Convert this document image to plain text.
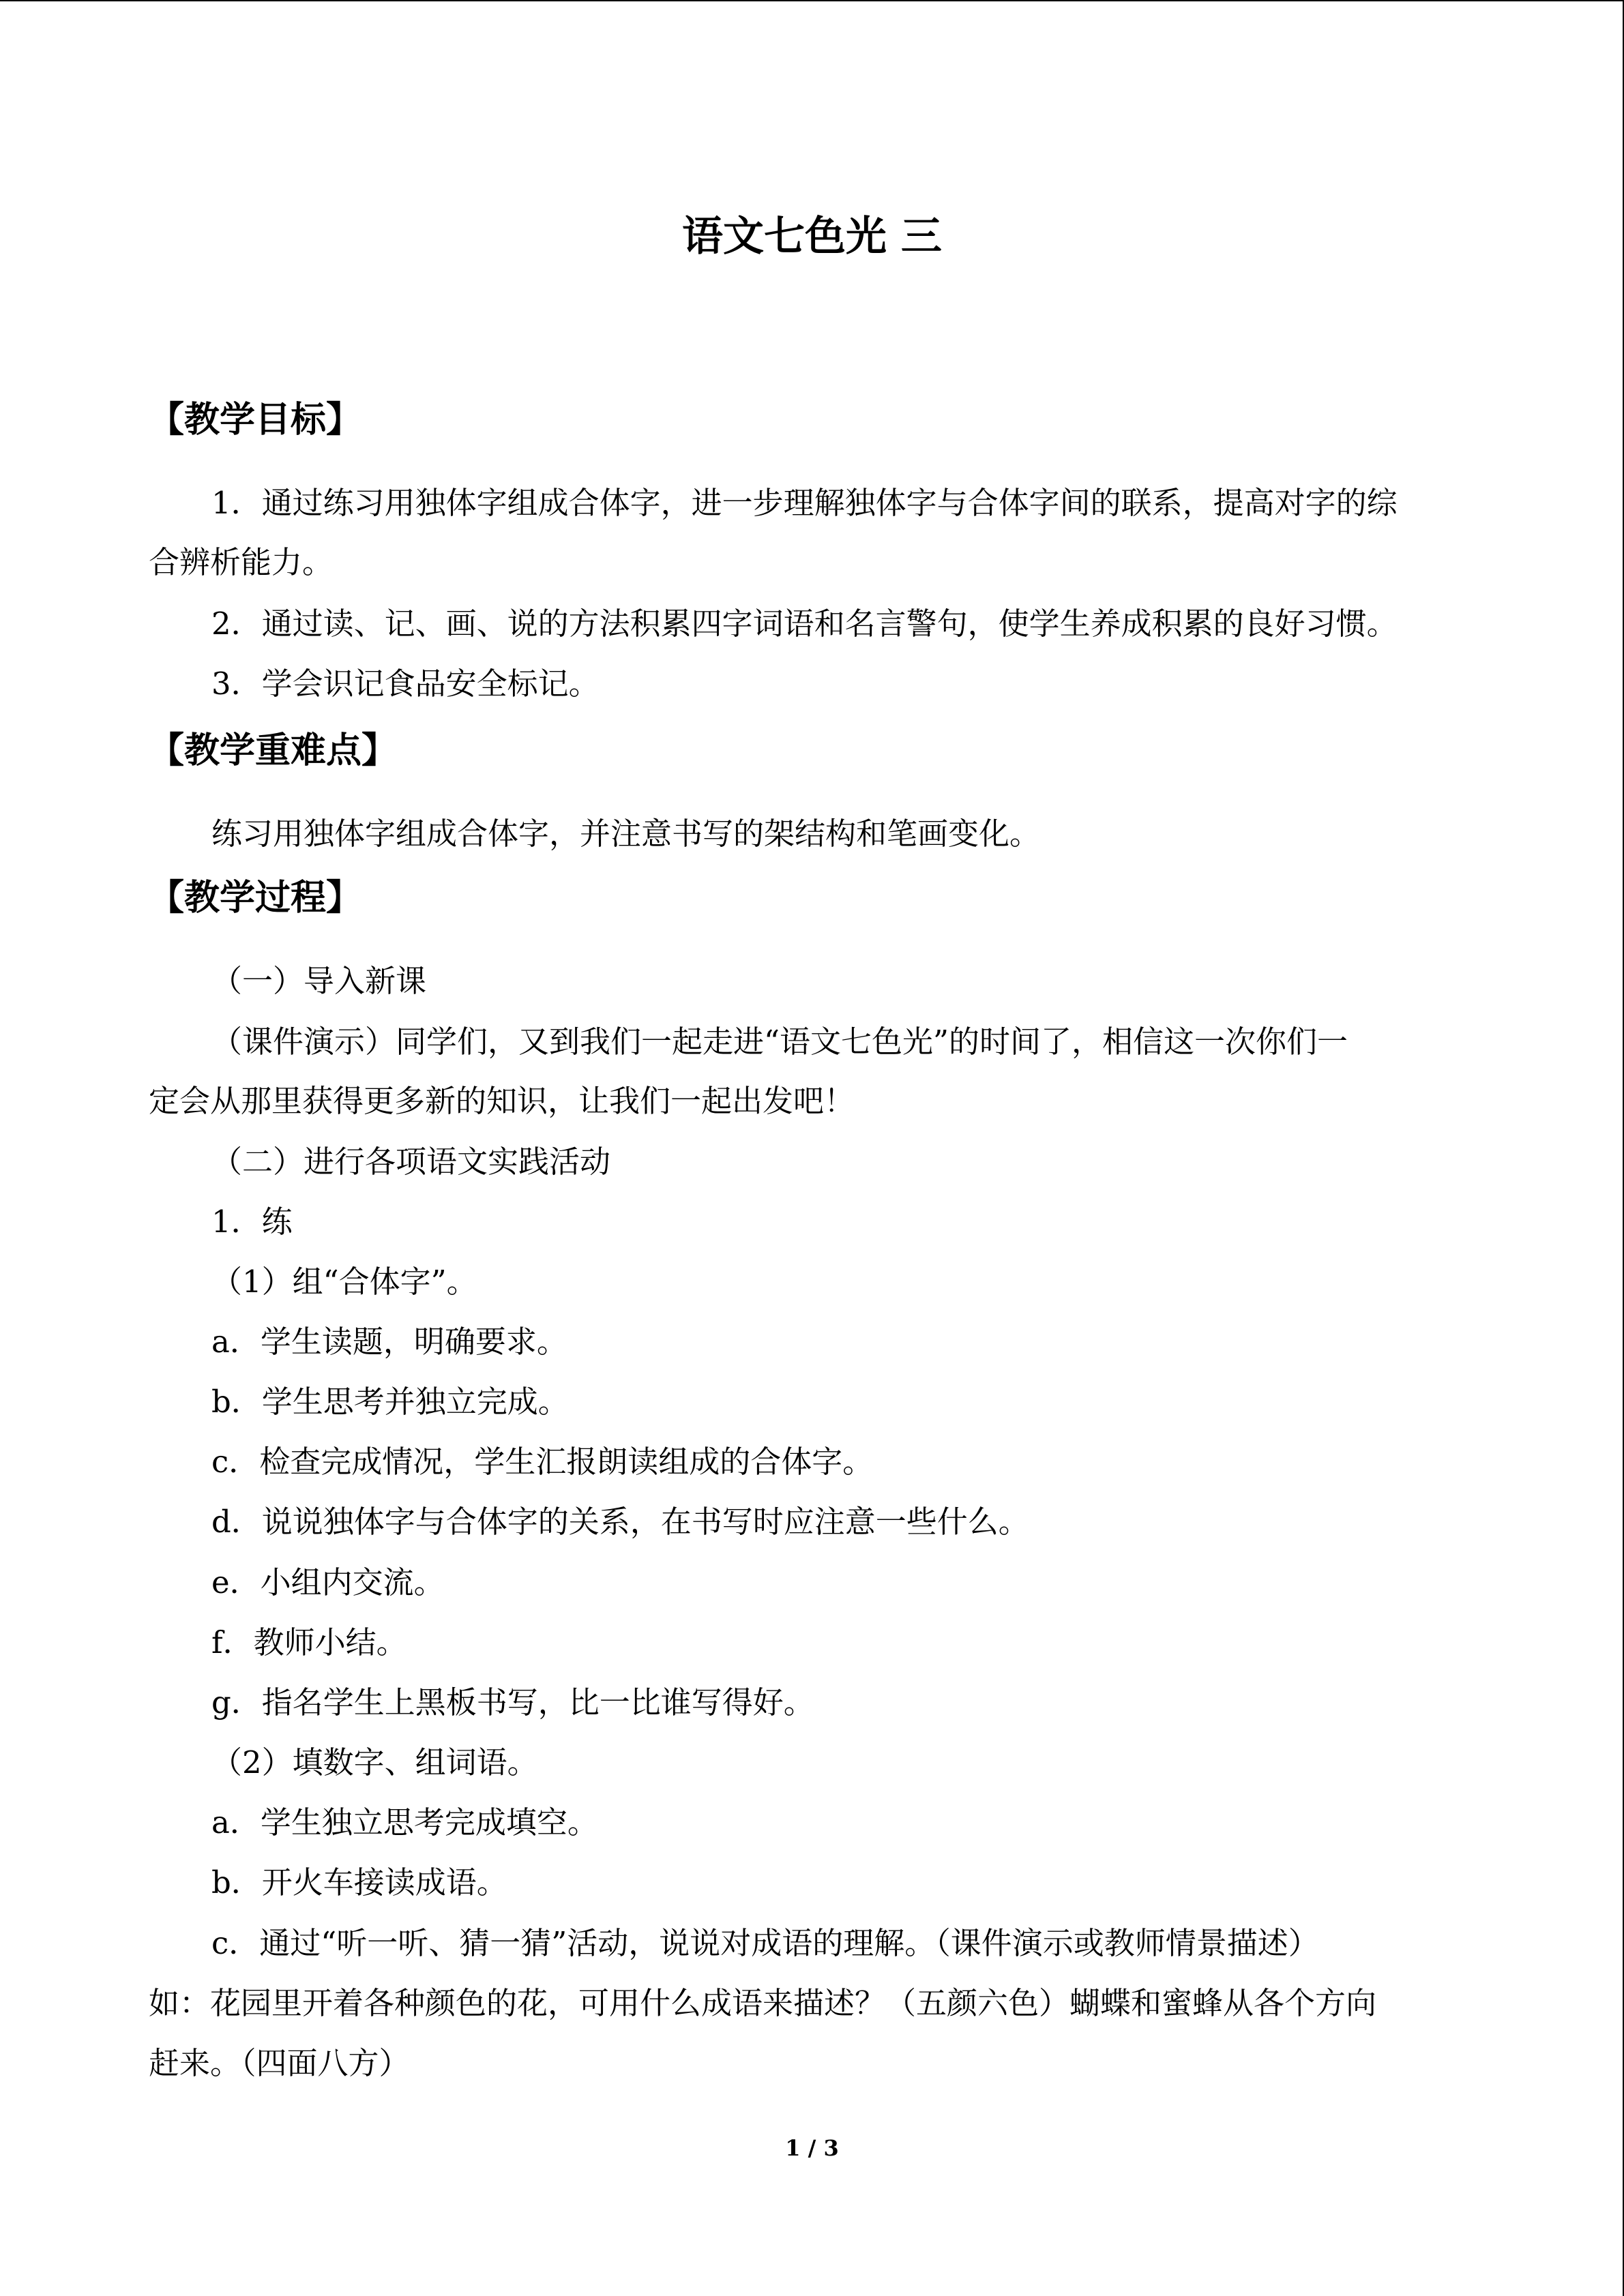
语文七色光 三
【教学目标】
1．通过练习用独体字组成合体字，进一步理解独体字与合体字间的联系，提高对字的综
合辨析能力。
2．通过读、记、画、说的方法积累四字词语和名言警句，使学生养成积累的良好习惯。
3．学会识记食品安全标记。
【教学重难点】
练习用独体字组成合体字，并注意书写的架结构和笔画变化。
【教学过程】
（一）导入新课
（课件演示）同学们，又到我们一起走进“语文七色光”的时间了，相信这一次你们一
定会从那里获得更多新的知识，让我们一起出发吧！
（二）进行各项语文实践活动
1．练
（1）组“合体字”。
a．学生读题，明确要求。
b．学生思考并独立完成。
c．检查完成情况，学生汇报朗读组成的合体字。
d．说说独体字与合体字的关系，在书写时应注意一些什么。
e．小组内交流。
f．教师小结。
g．指名学生上黑板书写，比一比谁写得好。
（2）填数字、组词语。
a．学生独立思考完成填空。
b．开火车接读成语。
c．通过“听一听、猜一猜”活动，说说对成语的理解。（课件演示或教师情景描述）
如：花园里开着各种颜色的花，可用什么成语来描述？（五颜六色）蝴蝶和蜜蜂从各个方向
赶来。（四面八方）
1 / 3
